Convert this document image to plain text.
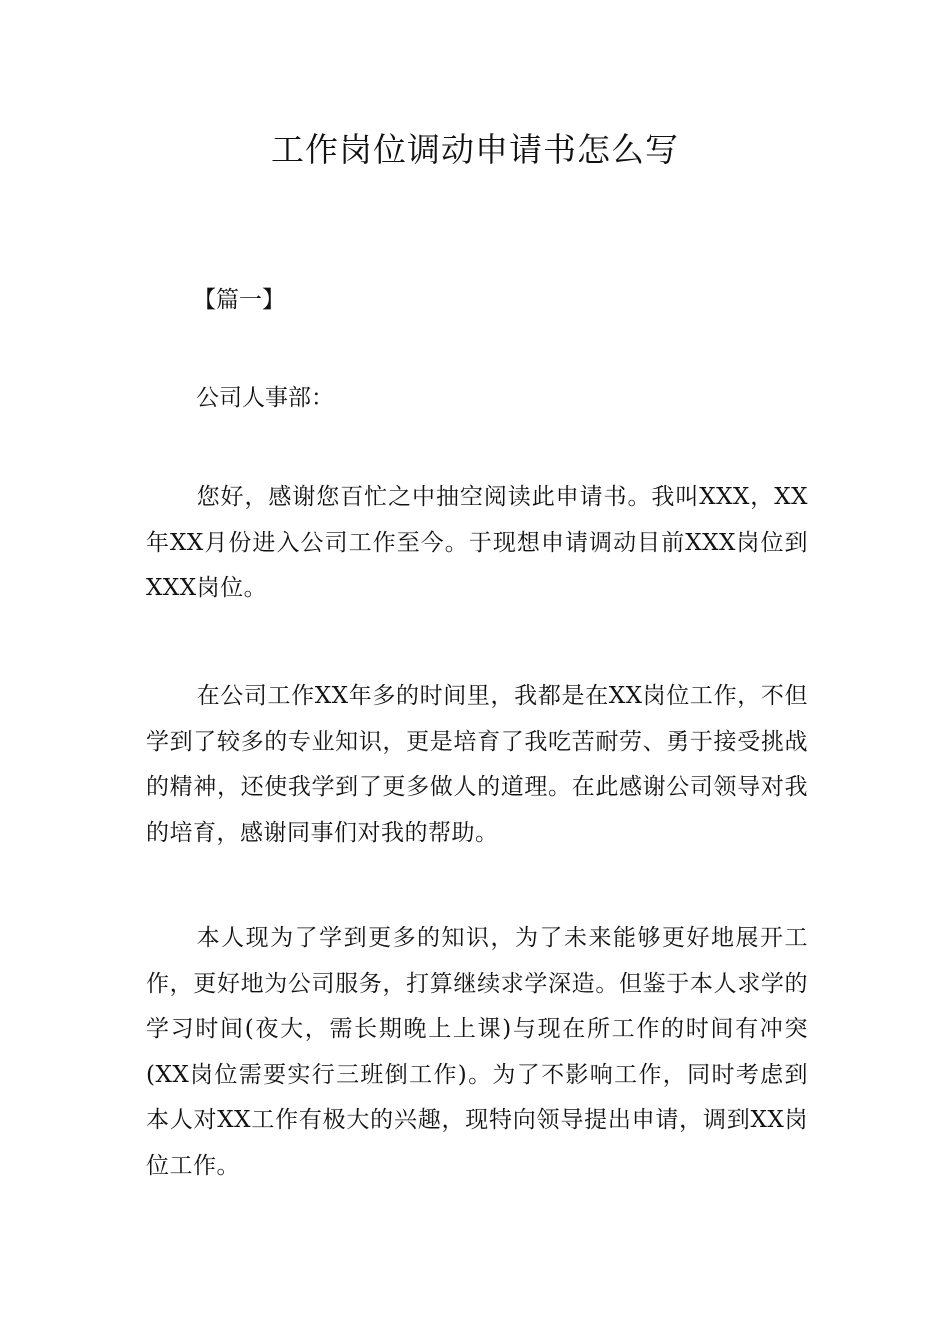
工作岗位调动申请书怎么写

【篇一】

公司人事部：

您好，感谢您百忙之中抽空阅读此申请书。我叫XXX，XX年XX月份进入公司工作至今。于现想申请调动目前XXX岗位到XXX岗位。

在公司工作XX年多的时间里，我都是在XX岗位工作，不但学到了较多的专业知识，更是培育了我吃苦耐劳、勇于接受挑战的精神，还使我学到了更多做人的道理。在此感谢公司领导对我的培育，感谢同事们对我的帮助。

本人现为了学到更多的知识，为了未来能够更好地展开工作，更好地为公司服务，打算继续求学深造。但鉴于本人求学的学习时间(夜大，需长期晚上上课)与现在所工作的时间有冲突(XX岗位需要实行三班倒工作)。为了不影响工作，同时考虑到本人对XX工作有极大的兴趣，现特向领导提出申请，调到XX岗位工作。
